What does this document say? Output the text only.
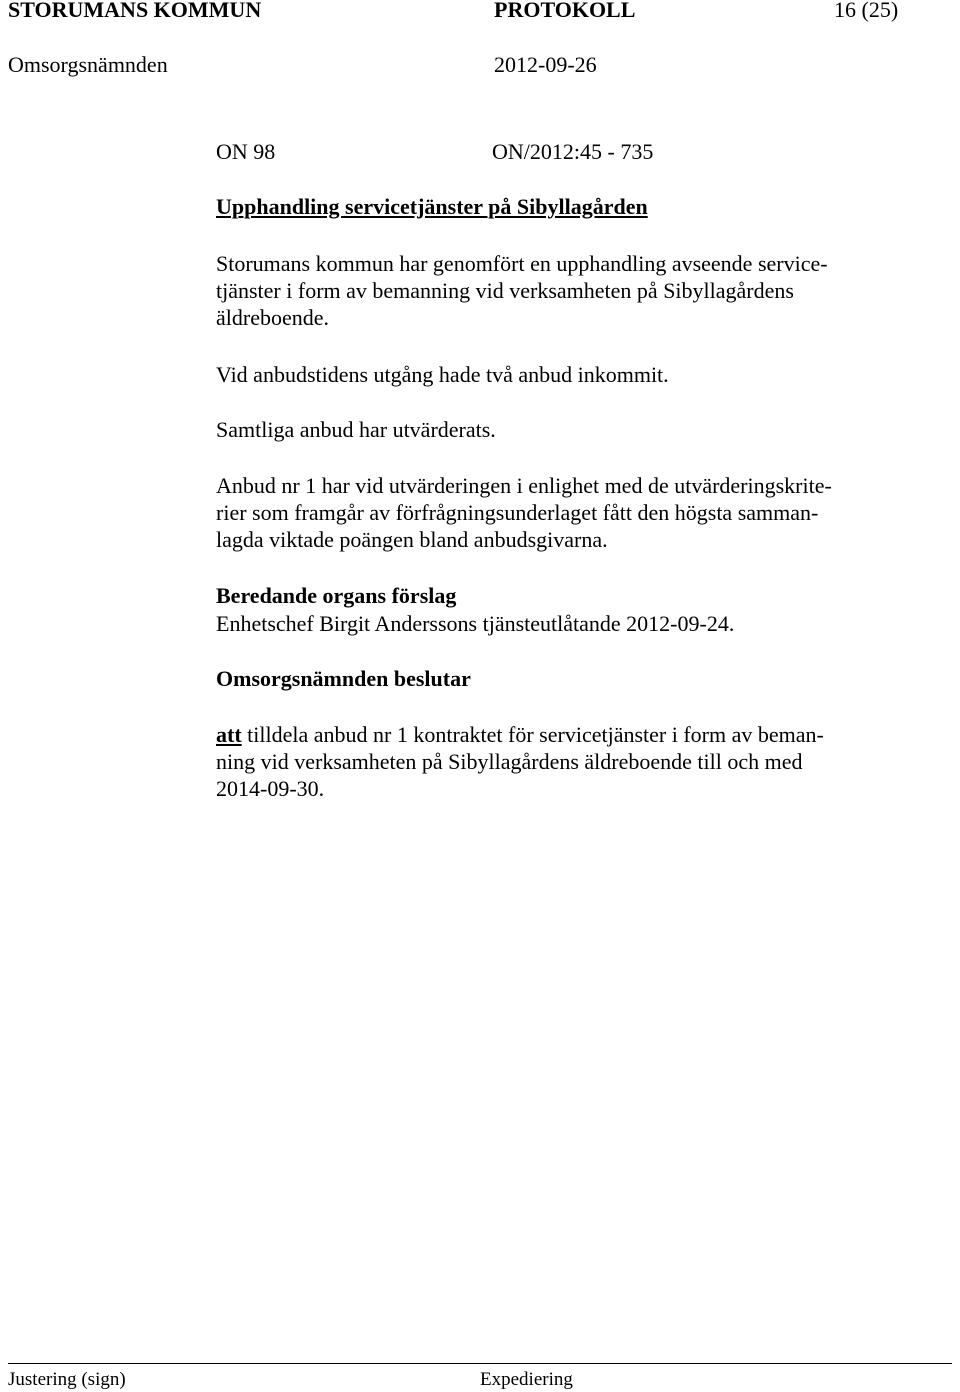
STORUMANS KOMMUN	PROTOKOLL	16 (25)
Omsorgsnämnden	2012-09-26
ON 98	ON/2012:45 - 735
Upphandling servicetjänster på Sibyllagården
Storumans kommun har genomfört en upphandling avseende service-
tjänster i form av bemanning vid verksamheten på Sibyllagårdens
äldreboende.
Vid anbudstidens utgång hade två anbud inkommit.
Samtliga anbud har utvärderats.
Anbud nr 1 har vid utvärderingen i enlighet med de utvärderingskrite-
rier som framgår av förfrågningsunderlaget fått den högsta samman-
lagda viktade poängen bland anbudsgivarna.
Beredande organs förslag
Enhetschef Birgit Anderssons tjänsteutlåtande 2012-09-24.
Omsorgsnämnden beslutar
att tilldela anbud nr 1 kontraktet för servicetjänster i form av beman-
ning vid verksamheten på Sibyllagårdens äldreboende till och med
2014-09-30.
Justering (sign)	Expediering
